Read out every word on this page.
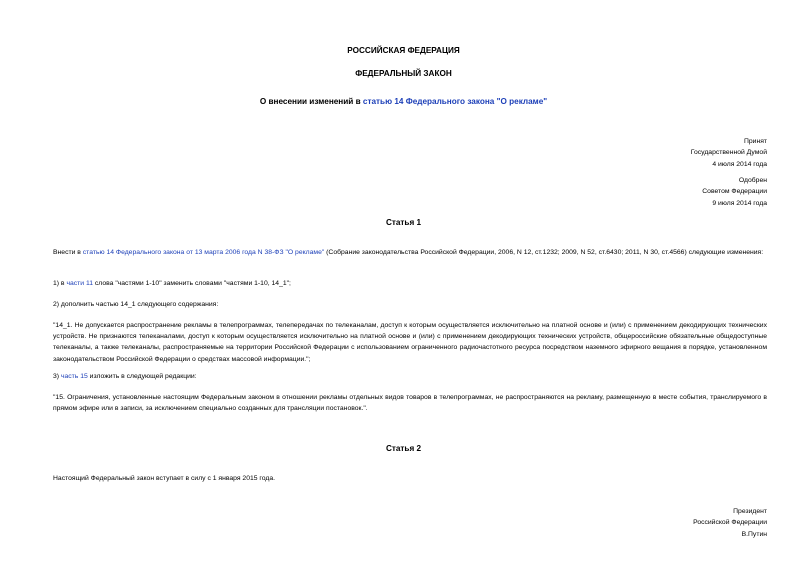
РОССИЙСКАЯ ФЕДЕРАЦИЯ
ФЕДЕРАЛЬНЫЙ ЗАКОН
О внесении изменений в статью 14 Федерального закона "О рекламе"
Принят
Государственной Думой
4 июля 2014 года
Одобрен
Советом Федерации
9 июля 2014 года
Статья 1
Внести в статью 14 Федерального закона от 13 марта 2006 года N 38-ФЗ "О рекламе" (Собрание законодательства Российской Федерации, 2006, N 12, ст.1232; 2009, N 52, ст.6430; 2011, N 30, ст.4566) следующие изменения:
1) в части 11 слова "частями 1-10" заменить словами "частями 1-10, 14_1";
2) дополнить частью 14_1 следующего содержания:
"14_1. Не допускается распространение рекламы в телепрограммах, телепередачах по телеканалам, доступ к которым осуществляется исключительно на платной основе и (или) с применением декодирующих технических устройств. Не признаются телеканалами, доступ к которым осуществляется исключительно на платной основе и (или) с применением декодирующих технических устройств, общероссийские обязательные общедоступные телеканалы, а также телеканалы, распространяемые на территории Российской Федерации с использованием ограниченного радиочастотного ресурса посредством наземного эфирного вещания в порядке, установленном законодательством Российской Федерации о средствах массовой информации.";
3) часть 15 изложить в следующей редакции:
"15. Ограничения, установленные настоящим Федеральным законом в отношении рекламы отдельных видов товаров в телепрограммах, не распространяются на рекламу, размещенную в месте события, транслируемого в прямом эфире или в записи, за исключением специально созданных для трансляции постановок.".
Статья 2
Настоящий Федеральный закон вступает в силу с 1 января 2015 года.
Президент
Российской Федерации
В.Путин
